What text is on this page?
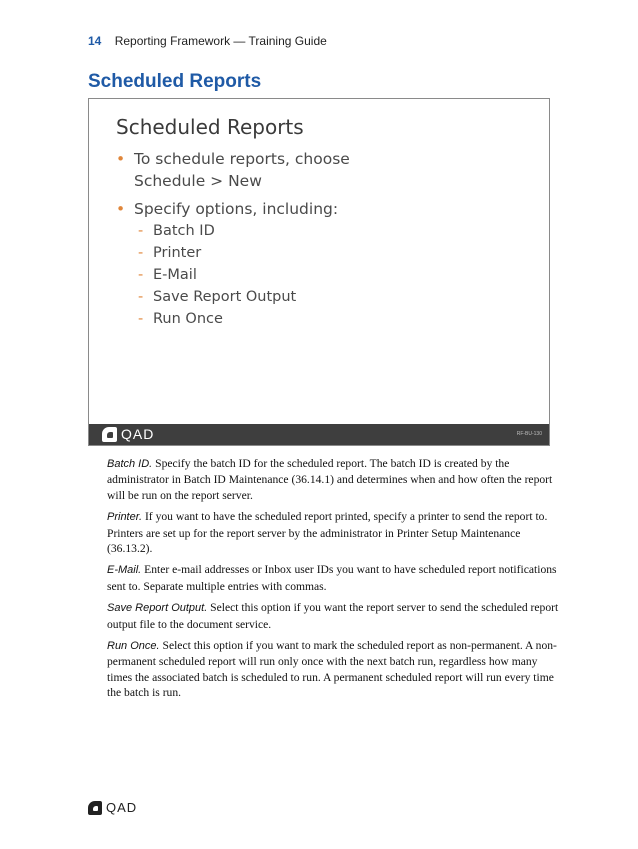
14 Reporting Framework — Training Guide
Scheduled Reports
Scheduled Reports
• To schedule reports, choose
Schedule > New
• Specify options, including:
- Batch ID
- Printer
- E-Mail
- Save Report Output
- Run Once
QAD	RF-BU-130

Batch ID. Specify the batch ID for the scheduled report. The batch ID is created by the administrator in Batch ID Maintenance (36.14.1) and determines when and how often the report will be run on the report server.

Printer. If you want to have the scheduled report printed, specify a printer to send the report to. Printers are set up for the report server by the administrator in Printer Setup Maintenance (36.13.2).

E-Mail. Enter e-mail addresses or Inbox user IDs you want to have scheduled report notifications sent to. Separate multiple entries with commas.

Save Report Output. Select this option if you want the report server to send the scheduled report output file to the document service.

Run Once. Select this option if you want to mark the scheduled report as non-permanent. A non-permanent scheduled report will run only once with the next batch run, regardless how many times the associated batch is scheduled to run. A permanent scheduled report will run every time the batch is run.

QAD
